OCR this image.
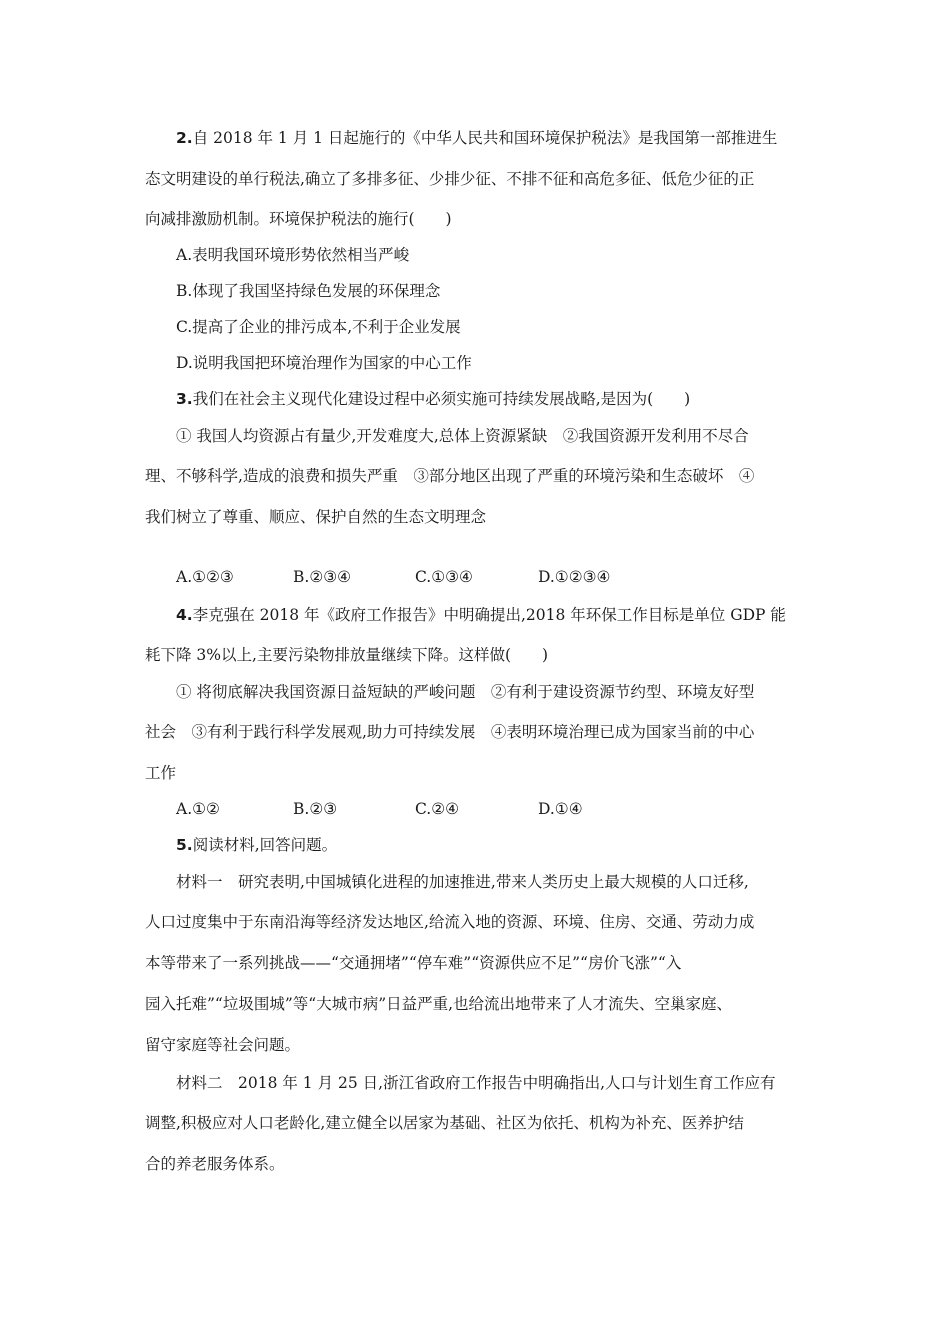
2.自 2018 年 1 月 1 日起施行的《中华人民共和国环境保护税法》是我国第一部推进生
态文明建设的单行税法,确立了多排多征、少排少征、不排不征和高危多征、低危少征的正
向减排激励机制。环境保护税法的施行(　　)
A.表明我国环境形势依然相当严峻
B.体现了我国坚持绿色发展的环保理念
C.提高了企业的排污成本,不利于企业发展
D.说明我国把环境治理作为国家的中心工作
3.我们在社会主义现代化建设过程中必须实施可持续发展战略,是因为(　　)
① 我国人均资源占有量少,开发难度大,总体上资源紧缺　②我国资源开发利用不尽合
理、不够科学,造成的浪费和损失严重　③部分地区出现了严重的环境污染和生态破坏　④
我们树立了尊重、顺应、保护自然的生态文明理念
A.①②③	B.②③④	C.①③④	D.①②③④
4.李克强在 2018 年《政府工作报告》中明确提出,2018 年环保工作目标是单位 GDP 能
耗下降 3%以上,主要污染物排放量继续下降。这样做(　　)
① 将彻底解决我国资源日益短缺的严峻问题　②有利于建设资源节约型、环境友好型
社会　③有利于践行科学发展观,助力可持续发展　④表明环境治理已成为国家当前的中心
工作
A.①②	B.②③	C.②④	D.①④
5.阅读材料,回答问题。
材料一　研究表明,中国城镇化进程的加速推进,带来人类历史上最大规模的人口迁移,
人口过度集中于东南沿海等经济发达地区,给流入地的资源、环境、住房、交通、劳动力成
本等带来了一系列挑战——“交通拥堵”“停车难”“资源供应不足”“房价飞涨”“入
园入托难”“垃圾围城”等“大城市病”日益严重,也给流出地带来了人才流失、空巢家庭、
留守家庭等社会问题。
材料二　2018 年 1 月 25 日,浙江省政府工作报告中明确指出,人口与计划生育工作应有
调整,积极应对人口老龄化,建立健全以居家为基础、社区为依托、机构为补充、医养护结
合的养老服务体系。
